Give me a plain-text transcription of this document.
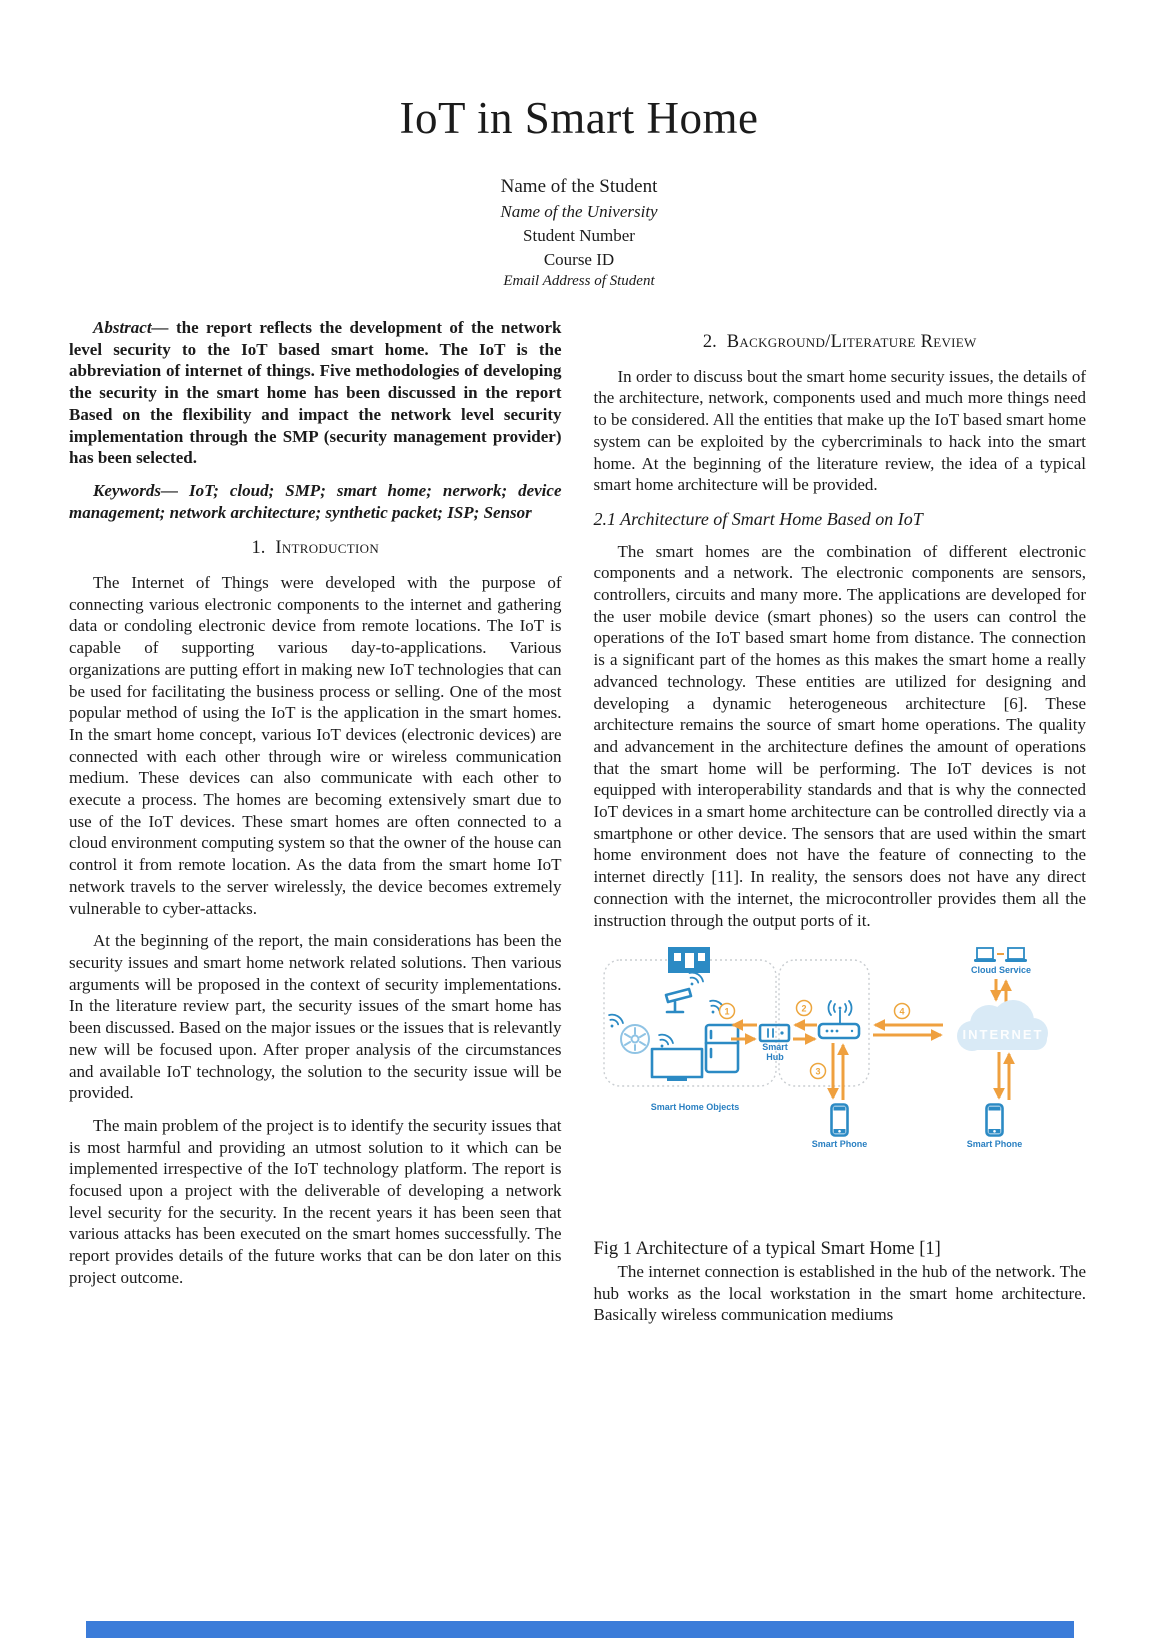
IoT in Smart Home
Name of the Student
Name of the University
Student Number
Course ID
Email Address of Student

Abstract— the report reflects the development of the network level security to the IoT based smart home. The IoT is the abbreviation of internet of things. Five methodologies of developing the security in the smart home has been discussed in the report Based on the flexibility and impact the network level security implementation through the SMP (security management provider) has been selected.

Keywords— IoT; cloud; SMP; smart home; nerwork; device management; network architecture; synthetic packet; ISP; Sensor

1. Introduction

The Internet of Things were developed with the purpose of connecting various electronic components to the internet and gathering data or condoling electronic device from remote locations. The IoT is capable of supporting various day-to-applications. Various organizations are putting effort in making new IoT technologies that can be used for facilitating the business process or selling. One of the most popular method of using the IoT is the application in the smart homes. In the smart home concept, various IoT devices (electronic devices) are connected with each other through wire or wireless communication medium. These devices can also communicate with each other to execute a process. The homes are becoming extensively smart due to use of the IoT devices. These smart homes are often connected to a cloud environment computing system so that the owner of the house can control it from remote location. As the data from the smart home IoT network travels to the server wirelessly, the device becomes extremely vulnerable to cyber-attacks.

At the beginning of the report, the main considerations has been the security issues and smart home network related solutions. Then various arguments will be proposed in the context of security implementations. In the literature review part, the security issues of the smart home has been discussed. Based on the major issues or the issues that is relevantly new will be focused upon. After proper analysis of the circumstances and available IoT technology, the solution to the security issue will be provided.

The main problem of the project is to identify the security issues that is most harmful and providing an utmost solution to it which can be implemented irrespective of the IoT technology platform. The report is focused upon a project with the deliverable of developing a network level security for the security. In the recent years it has been seen that various attacks has been executed on the smart homes successfully. The report provides details of the future works that can be don later on this project outcome.

2. Background/Literature Review

In order to discuss bout the smart home security issues, the details of the architecture, network, components used and much more things need to be considered. All the entities that make up the IoT based smart home system can be exploited by the cybercriminals to hack into the smart home. At the beginning of the literature review, the idea of a typical smart home architecture will be provided.

2.1 Architecture of Smart Home Based on IoT

The smart homes are the combination of different electronic components and a network. The electronic components are sensors, controllers, circuits and many more. The applications are developed for the user mobile device (smart phones) so the users can control the operations of the IoT based smart home from distance. The connection is a significant part of the homes as this makes the smart home a really advanced technology. These entities are utilized for designing and developing a dynamic heterogeneous architecture [6]. These architecture remains the source of smart home operations. The quality and advancement in the architecture defines the amount of operations that the smart home will be performing. The IoT devices is not equipped with interoperability standards and that is why the connected IoT devices in a smart home architecture can be controlled directly via a smartphone or other device. The sensors that are used within the smart home environment does not have the feature of connecting to the internet directly [11]. In reality, the sensors does not have any direct connection with the internet, the microcontroller provides them all the instruction through the output ports of it.

Smart Home Objects
1
Smart
Hub
2
3
4
Cloud Service
INTERNET
Smart Phone	Smart Phone
Fig 1 Architecture of a typical Smart Home [1]

The internet connection is established in the hub of the network. The hub works as the local workstation in the smart home architecture. Basically wireless communication mediums
